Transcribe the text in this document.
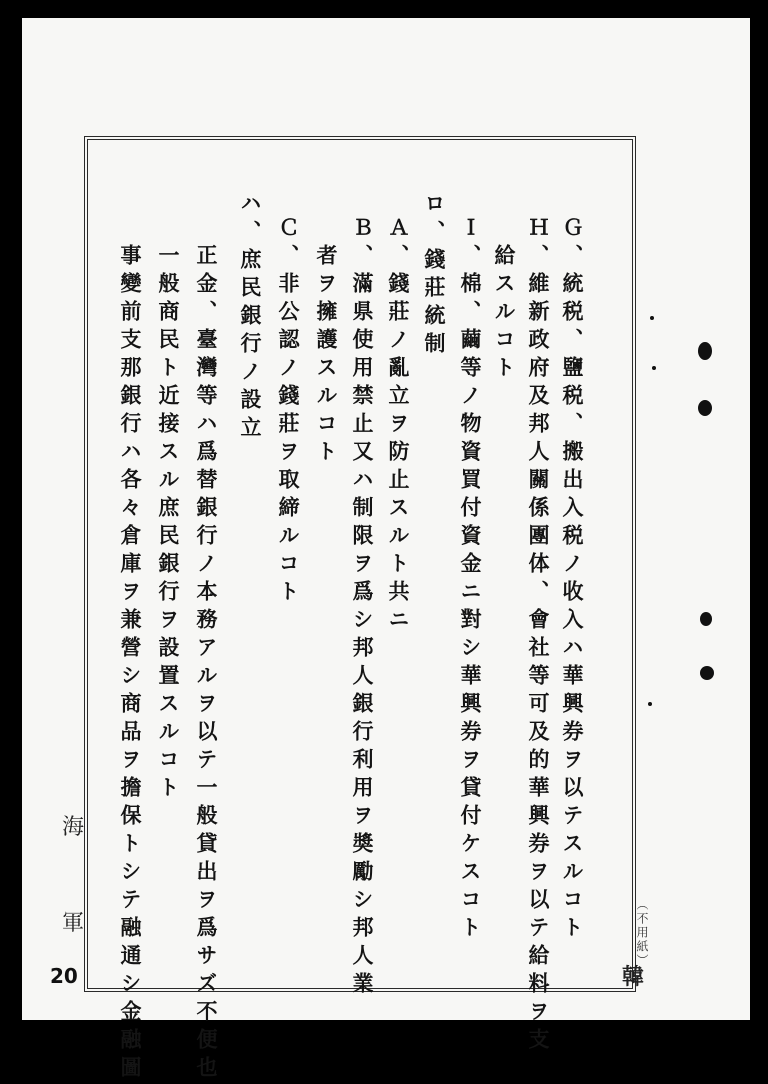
Ｇ、統税、鹽税、搬出入税ノ收入ハ華興券ヲ以テスルコト
Ｈ、維新政府及邦人關係團体、會社等可及的華興券ヲ以テ給料ヲ支
　給スルコト
Ｉ、棉、繭等ノ物資買付資金ニ對シ華興券ヲ貸付ケスコト
ロ、錢莊統制
Ａ、錢莊ノ亂立ヲ防止スルト共ニ
Ｂ、滿県使用禁止又ハ制限ヲ爲シ邦人銀行利用ヲ奬勵シ邦人業
　者ヲ擁護スルコト
Ｃ、非公認ノ錢莊ヲ取締ルコト
ハ、庶民銀行ノ設立
　正金、臺灣等ハ爲替銀行ノ本務アルヲ以テ一般貸出ヲ爲サズ不便也
　一般商民ト近接スル庶民銀行ヲ設置スルコト
　事變前支那銀行ハ各々倉庫ヲ兼營シ商品ヲ擔保トシテ融通シ金融圖
海
軍
20
（不用紙）
韓
